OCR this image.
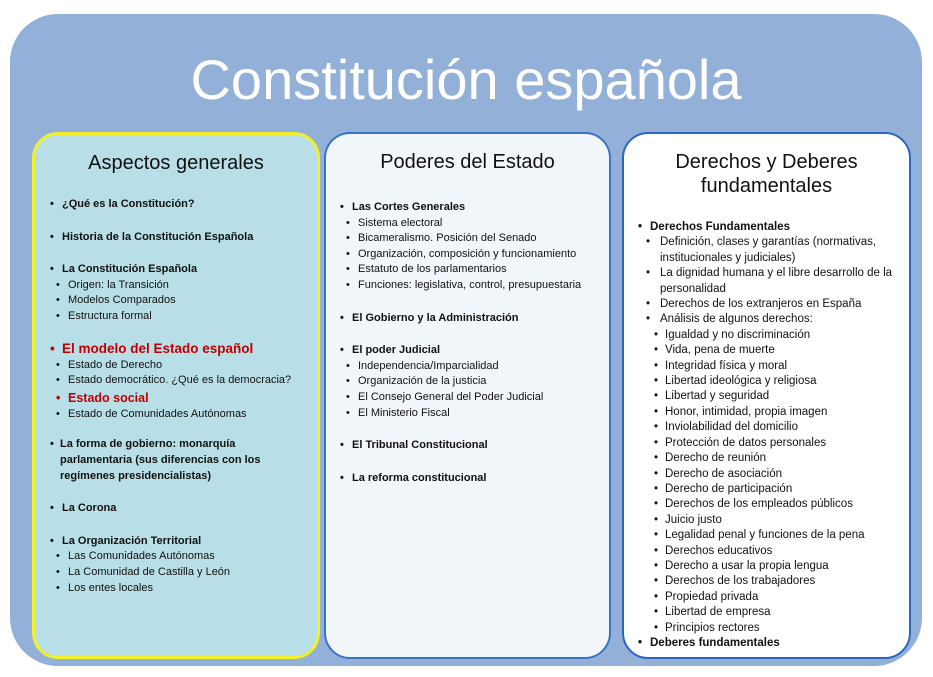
Constitución española
Aspectos generales
• ¿Qué es la Constitución?
• Historia de la Constitución Española
• La Constitución Española
• Origen: la Transición
• Modelos Comparados
• Estructura formal
• El modelo del Estado español
• Estado de Derecho
• Estado democrático. ¿Qué es la democracia?
• Estado social
• Estado de Comunidades Autónomas
• La forma de gobierno: monarquía parlamentaria (sus diferencias con los regímenes presidencialistas)
• La Corona
• La Organización Territorial
• Las Comunidades Autónomas
• La Comunidad de Castilla y León
• Los entes locales
Poderes del Estado
• Las Cortes Generales
• Sistema electoral
• Bicameralismo. Posición del Senado
• Organización, composición y funcionamiento
• Estatuto de los parlamentarios
• Funciones: legislativa, control, presupuestaria
• El Gobierno y la Administración
• El poder Judicial
• Independencia/Imparcialidad
• Organización de la justicia
• El Consejo General del Poder Judicial
• El Ministerio Fiscal
• El Tribunal Constitucional
• La reforma constitucional
Derechos y Deberes fundamentales
• Derechos Fundamentales
• Definición, clases y garantías (normativas, institucionales y judiciales)
• La dignidad humana y el libre desarrollo de la personalidad
• Derechos de los extranjeros en España
• Análisis de algunos derechos:
• Igualdad y no discriminación
• Vida, pena de muerte
• Integridad física y moral
• Libertad ideológica y religiosa
• Libertad y seguridad
• Honor, intimidad, propia imagen
• Inviolabilidad del domicilio
• Protección de datos personales
• Derecho de reunión
• Derecho de asociación
• Derecho de participación
• Derechos de los empleados públicos
• Juicio justo
• Legalidad penal y funciones de la pena
• Derechos educativos
• Derecho a usar la propia lengua
• Derechos de los trabajadores
• Propiedad privada
• Libertad de empresa
• Principios rectores
• Deberes fundamentales
